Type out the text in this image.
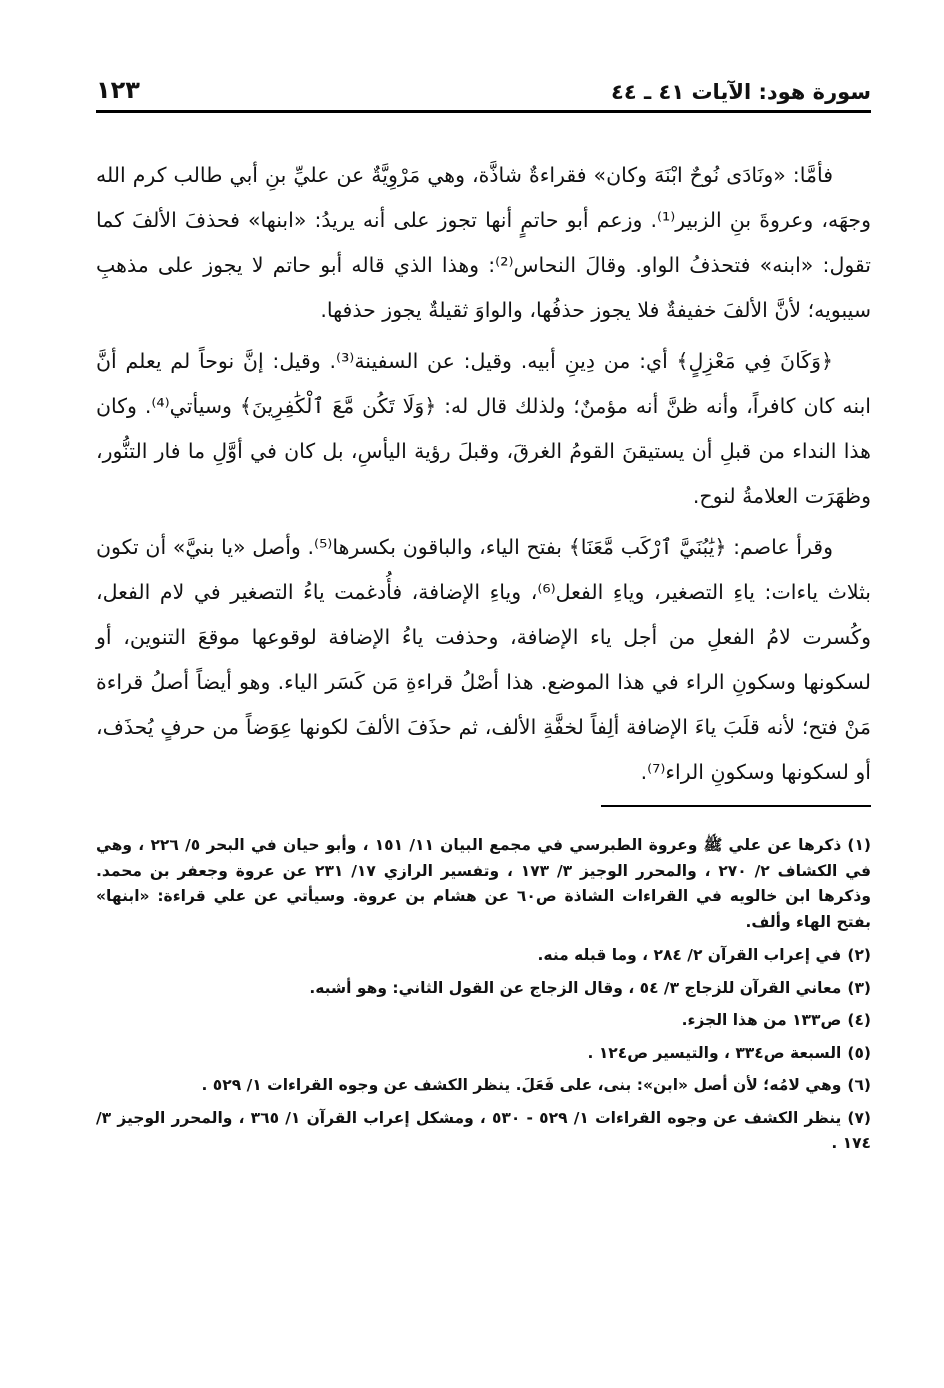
سورة هود: الآيات ٤١ ـ ٤٤
١٢٣

فأمَّا: «ونَادَى نُوحٌ ابْنَهَ وكان» فقراءةٌ شاذَّة، وهي مَرْوِيَّةٌ عن عليِّ بنِ أبي طالب كرم الله وجهَه، وعروةَ بنِ الزبير⁽¹⁾. وزعم أبو حاتمٍ أنها تجوز على أنه يريدُ: «ابنها» فحذفَ الألفَ كما تقول: «ابنه» فتحذفُ الواو. وقالَ النحاس⁽²⁾: وهذا الذي قاله أبو حاتم لا يجوز على مذهبِ سيبويه؛ لأنَّ الألفَ خفيفةٌ فلا يجوز حذفُها، والواوَ ثقيلةٌ يجوز حذفها.

﴿وَكَانَ فِي مَعْزِلٍ﴾ أي: من دِينِ أبيه. وقيل: عن السفينة⁽³⁾. وقيل: إنَّ نوحاً لم يعلم أنَّ ابنه كان كافراً، وأنه ظنَّ أنه مؤمنٌ؛ ولذلك قال له: ﴿وَلَا تَكُن مَّعَ ٱلْكَٰفِرِينَ﴾ وسيأتي⁽⁴⁾. وكان هذا النداء من قبلِ أن يستيقنَ القومُ الغرقَ، وقبلَ رؤية اليأسِ، بل كان في أوَّلِ ما فار التنُّور، وظهَرَت العلامةُ لنوح.

وقرأ عاصم: ﴿يَٰبُنَيَّ ٱرْكَب مَّعَنَا﴾ بفتح الياء، والباقون بكسرها⁽⁵⁾. وأصل «يا بنيَّ» أن تكون بثلاث ياءات: ياءِ التصغير، وياءِ الفعل⁽⁶⁾، وياءِ الإضافة، فأُدغمت ياءُ التصغير في لام الفعل، وكُسرت لامُ الفعلِ من أجل ياء الإضافة، وحذفت ياءُ الإضافة لوقوعها موقعَ التنوين، أو لسكونها وسكونِ الراء في هذا الموضع. هذا أصْلُ قراءةِ مَن كَسَر الياء. وهو أيضاً أصلُ قراءة مَنْ فتح؛ لأنه قلَبَ ياءَ الإضافة ألِفاً لخفَّةِ الألف، ثم حذَفَ الألفَ لكونها عِوَضاً من حرفٍ يُحذَف، أو لسكونها وسكونِ الراء⁽⁷⁾.

(١)ذكرها عن علي ﷺ وعروة الطبرسي في مجمع البيان ١١/ ١٥١ ، وأبو حيان في البحر ٥/ ٢٢٦ ، وهي في الكشاف ٢/ ٢٧٠ ، والمحرر الوجيز ٣/ ١٧٣ ، وتفسير الرازي ١٧/ ٢٣١ عن عروة وجعفر بن محمد. وذكرها ابن خالويه في القراءات الشاذة ص٦٠ عن هشام بن عروة. وسيأتي عن علي قراءة: «ابنها» بفتح الهاء وألف.

(٢)في إعراب القرآن ٢/ ٢٨٤ ، وما قبله منه.

(٣)معاني القرآن للزجاج ٣/ ٥٤ ، وقال الزجاج عن القول الثاني: وهو أشبه.

(٤)ص١٣٣ من هذا الجزء.

(٥)السبعة ص٣٣٤ ، والتيسير ص١٢٤ .

(٦)وهي لامُه؛ لأن أصل «ابن»: بنى، على فَعَلَ. ينظر الكشف عن وجوه القراءات ١/ ٥٢٩ .

(٧)ينظر الكشف عن وجوه القراءات ١/ ٥٢٩ - ٥٣٠ ، ومشكل إعراب القرآن ١/ ٣٦٥ ، والمحرر الوجيز ٣/ ١٧٤ .
